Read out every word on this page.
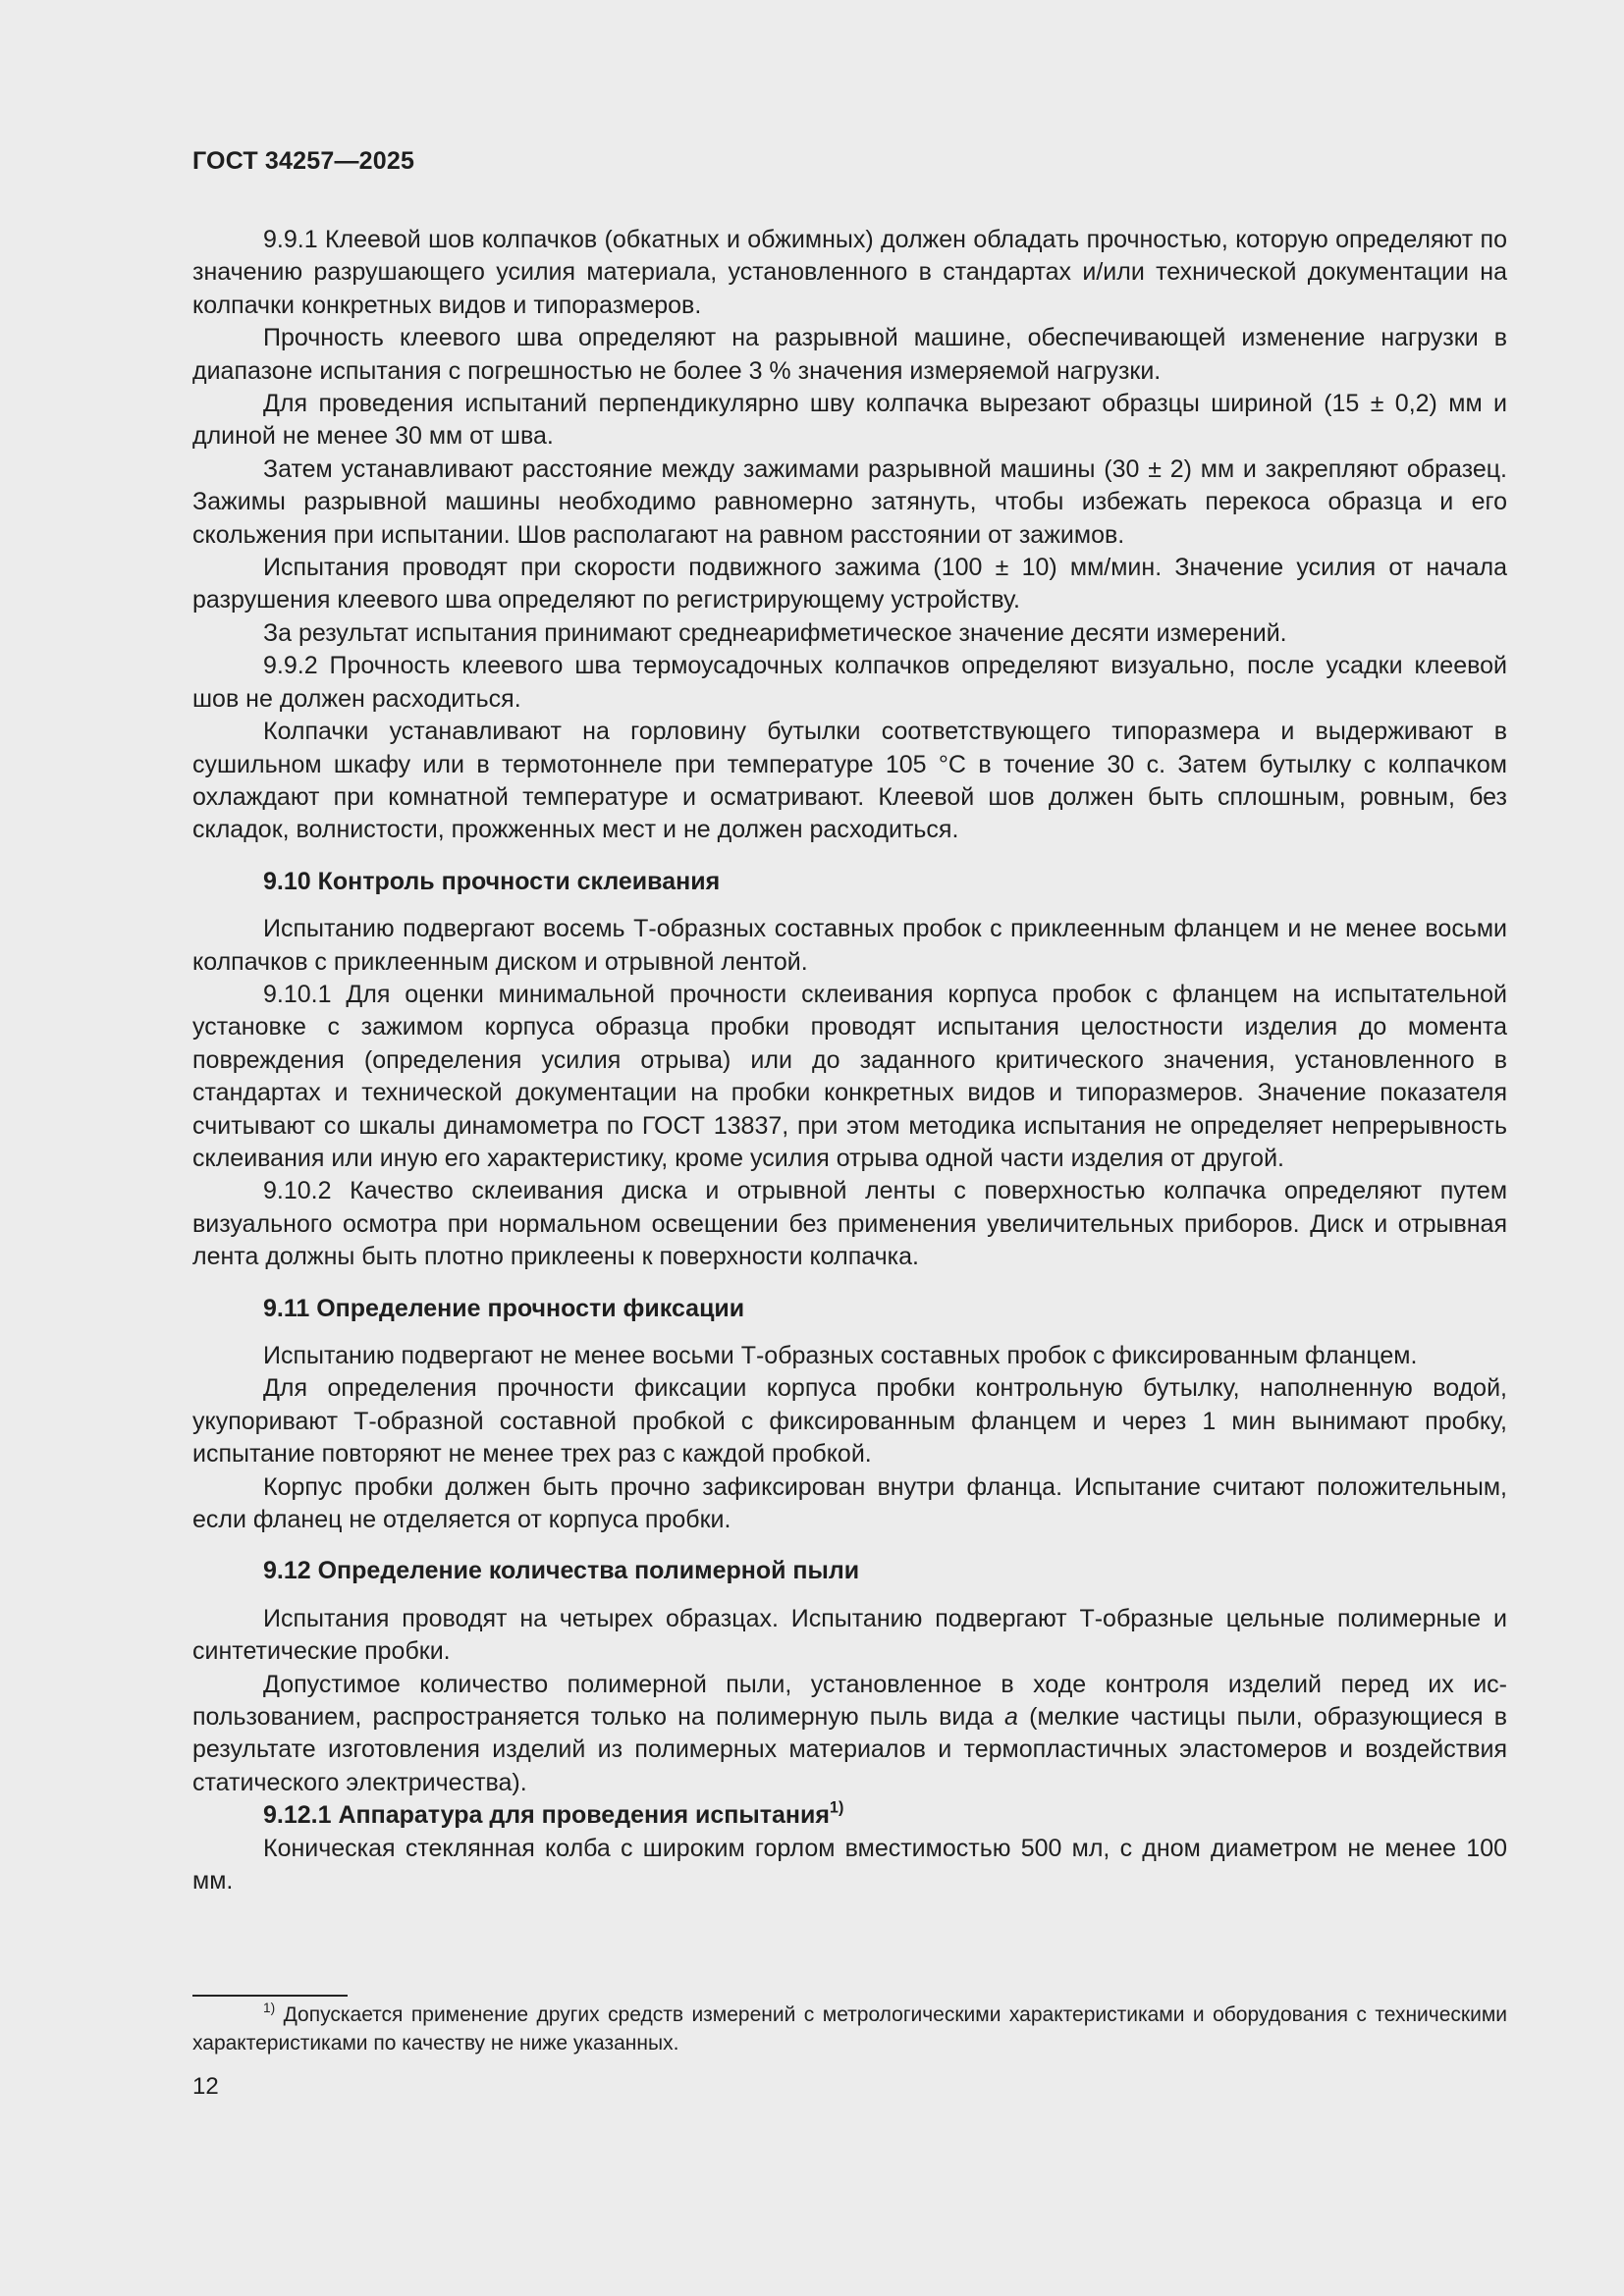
ГОСТ 34257—2025

9.9.1 Клеевой шов колпачков (обкатных и обжимных) должен обладать прочностью, которую определяют по значению разрушающего усилия материала, установленного в стандартах и/или технической документации на колпачки конкретных видов и типоразмеров.

Прочность клеевого шва определяют на разрывной машине, обеспечивающей изменение нагрузки в диапазоне испытания с погрешностью не более 3 % значения измеряемой нагрузки.

Для проведения испытаний перпендикулярно шву колпачка вырезают образцы шириной (15 ± 0,2) мм и длиной не менее 30 мм от шва.

Затем устанавливают расстояние между зажимами разрывной машины (30 ± 2) мм и закрепляют образец. Зажимы разрывной машины необходимо равномерно затянуть, чтобы избежать перекоса образца и его скольжения при испытании. Шов располагают на равном расстоянии от зажимов.

Испытания проводят при скорости подвижного зажима (100 ± 10) мм/мин. Значение усилия от начала разрушения клеевого шва определяют по регистрирующему устройству.

За результат испытания принимают среднеарифметическое значение десяти измерений.

9.9.2 Прочность клеевого шва термоусадочных колпачков определяют визуально, после усадки клеевой шов не должен расходиться.

Колпачки устанавливают на горловину бутылки соответствующего типоразмера и выдерживают в сушильном шкафу или в термотоннеле при температуре 105 °C в точение 30 с. Затем бутылку с колпачком охлаждают при комнатной температуре и осматривают. Клеевой шов должен быть сплошным, ровным, без складок, волнистости, прожженных мест и не должен расходиться.

9.10 Контроль прочности склеивания

Испытанию подвергают восемь Т-образных составных пробок с приклеенным фланцем и не менее восьми колпачков с приклеенным диском и отрывной лентой.

9.10.1 Для оценки минимальной прочности склеивания корпуса пробок с фланцем на испытательной установке с зажимом корпуса образца пробки проводят испытания целостности изделия до момента повреждения (определения усилия отрыва) или до заданного критического значения, установленного в стандартах и технической документации на пробки конкретных видов и типоразмеров. Значение показателя считывают со шкалы динамометра по ГОСТ 13837, при этом методика испытания не определяет непрерывность склеивания или иную его характеристику, кроме усилия отрыва одной части изделия от другой.

9.10.2 Качество склеивания диска и отрывной ленты с поверхностью колпачка определяют путем визуального осмотра при нормальном освещении без применения увеличительных приборов. Диск и отрывная лента должны быть плотно приклеены к поверхности колпачка.

9.11 Определение прочности фиксации

Испытанию подвергают не менее восьми Т-образных составных пробок с фиксированным фланцем.

Для определения прочности фиксации корпуса пробки контрольную бутылку, наполненную водой, укупоривают Т-образной составной пробкой с фиксированным фланцем и через 1 мин вынимают пробку, испытание повторяют не менее трех раз с каждой пробкой.

Корпус пробки должен быть прочно зафиксирован внутри фланца. Испытание считают положительным, если фланец не отделяется от корпуса пробки.

9.12 Определение количества полимерной пыли

Испытания проводят на четырех образцах. Испытанию подвергают Т-образные цельные полимерные и синтетические пробки.

Допустимое количество полимерной пыли, установленное в ходе контроля изделий перед их использованием, распространяется только на полимерную пыль вида а (мелкие частицы пыли, образующиеся в результате изготовления изделий из полимерных материалов и термопластичных эластомеров и воздействия статического электричества).

9.12.1 Аппаратура для проведения испытания$^{1)}$

Коническая стеклянная колба с широким горлом вместимостью 500 мл, с дном диаметром не менее 100 мм.

$^{1)}$ Допускается применение других средств измерений с метрологическими характеристиками и оборудования с техническими характеристиками по качеству не ниже указанных.

12
